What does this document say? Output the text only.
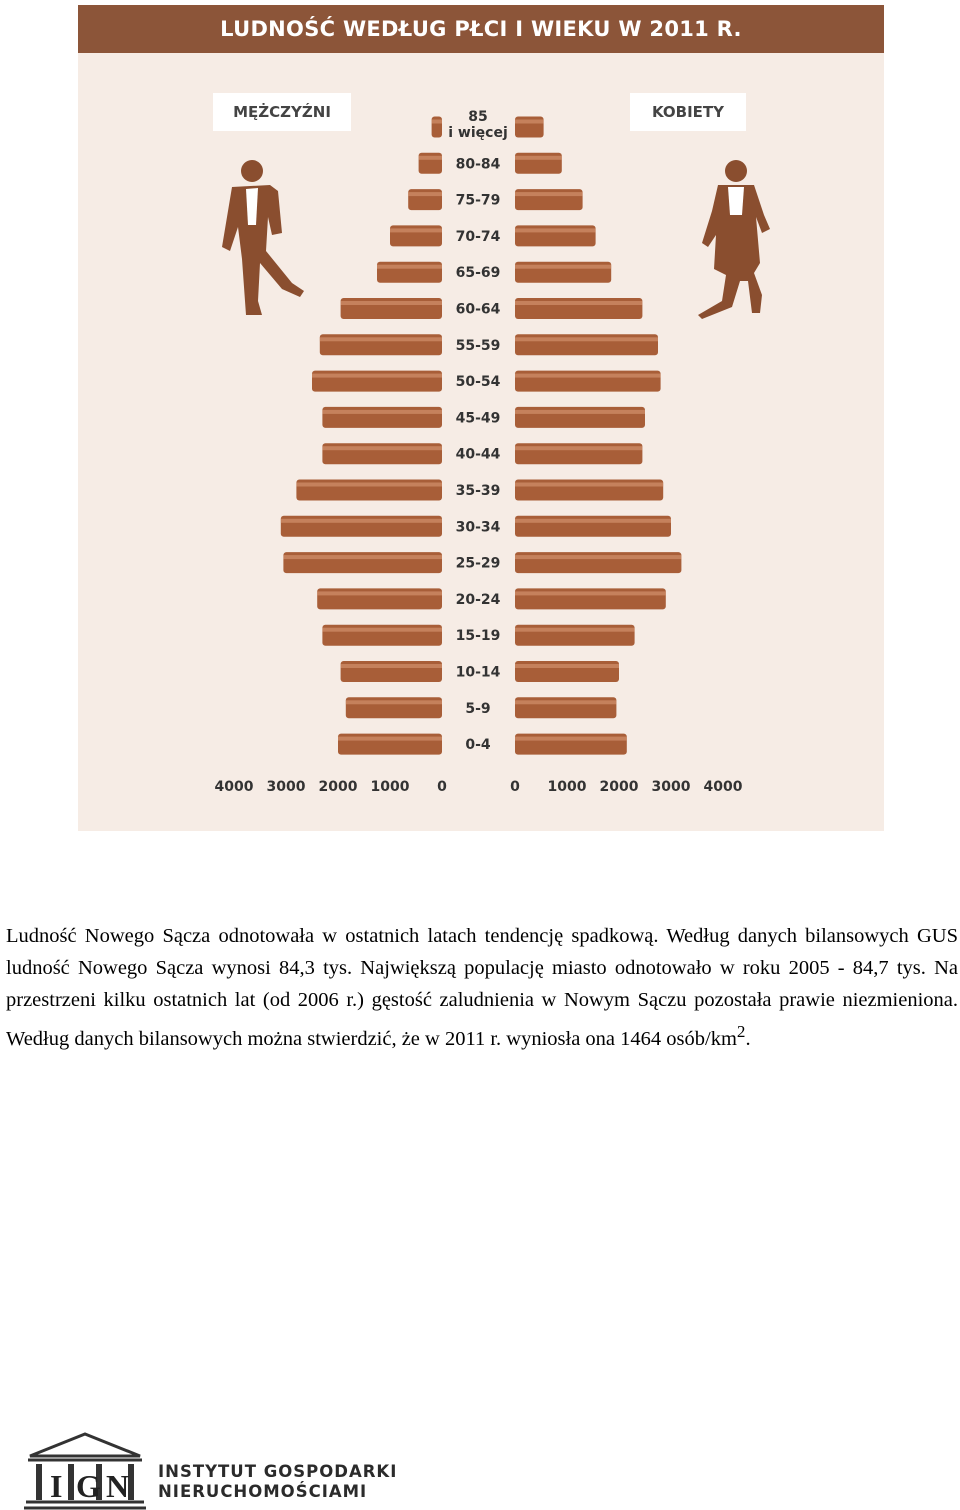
LUDNOŚĆ WEDŁUG PŁCI I WIEKU W 2011 R.
MĘŻCZYŹNI	KOBIETY
85
i więcej
80-84
75-79
70-74
65-69
60-64
55-59
50-54
45-49
40-44
35-39
30-34
25-29
20-24
15-19
10-14
5-9
0-4
4000 3000 2000 1000 0	0 1000 2000 3000 4000

Ludność Nowego Sącza odnotowała w ostatnich latach tendencję spadkową. Według danych bilansowych GUS ludność Nowego Sącza wynosi 84,3 tys. Największą populację miasto odnotowało w roku 2005 - 84,7 tys. Na przestrzeni kilku ostatnich lat (od 2006 r.) gęstość zaludnienia w Nowym Sączu pozostała prawie niezmieniona. Według danych bilansowych można stwierdzić, że w 2011 r. wyniosła ona 1464 osób/$km^2$.

I G N INSTYTUT GOSPODARKI
NIERUCHOMOŚCIAMI
